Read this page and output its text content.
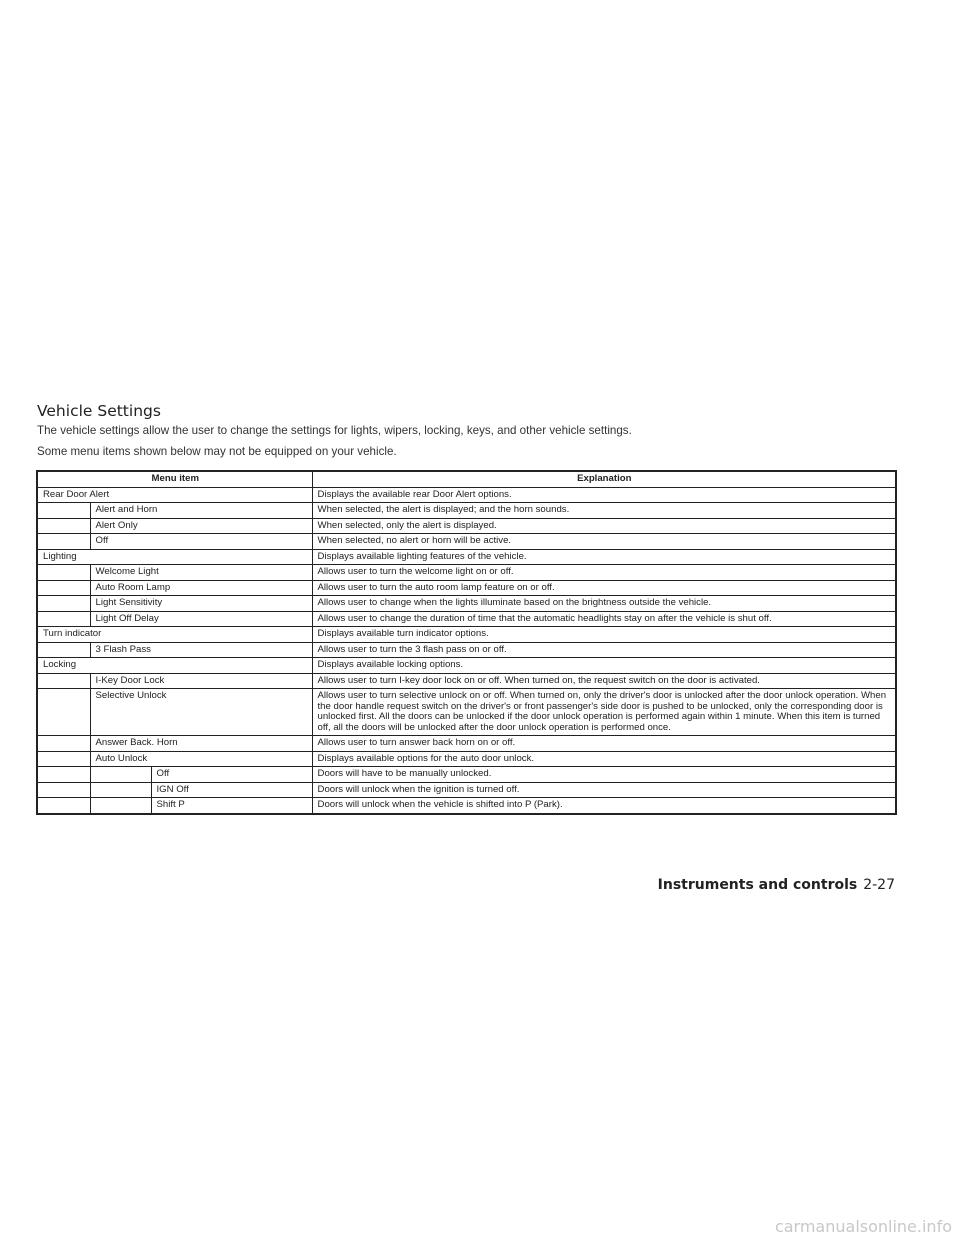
Vehicle Settings

The vehicle settings allow the user to change the settings for lights, wipers, locking, keys, and other vehicle settings.

Some menu items shown below may not be equipped on your vehicle.

Menu item			Explanation
Rear Door Alert			Displays the available rear Door Alert options.
	Alert and Horn		When selected, the alert is displayed; and the horn sounds.
	Alert Only		When selected, only the alert is displayed.
	Off		When selected, no alert or horn will be active.
Lighting			Displays available lighting features of the vehicle.
	Welcome Light		Allows user to turn the welcome light on or off.
	Auto Room Lamp		Allows user to turn the auto room lamp feature on or off.
	Light Sensitivity		Allows user to change when the lights illuminate based on the brightness outside the vehicle.
	Light Off Delay		Allows user to change the duration of time that the automatic headlights stay on after the vehicle is shut off.
Turn indicator			Displays available turn indicator options.
	3 Flash Pass		Allows user to turn the 3 flash pass on or off.
Locking			Displays available locking options.
	I-Key Door Lock		Allows user to turn I-key door lock on or off. When turned on, the request switch on the door is activated.
	Selective Unlock		Allows user to turn selective unlock on or off. When turned on, only the driver's door is unlocked after the door unlock operation. When the door handle request switch on the driver's or front passenger's side door is pushed to be unlocked, only the corresponding door is unlocked first. All the doors can be unlocked if the door unlock operation is performed again within 1 minute. When this item is turned off, all the doors will be unlocked after the door unlock operation is performed once.
	Answer Back. Horn		Allows user to turn answer back horn on or off.
	Auto Unlock		Displays available options for the auto door unlock.
		Off	Doors will have to be manually unlocked.
		IGN Off	Doors will unlock when the ignition is turned off.
		Shift P	Doors will unlock when the vehicle is shifted into P (Park).
Instruments and controls 2-27
carmanualsonline.info
